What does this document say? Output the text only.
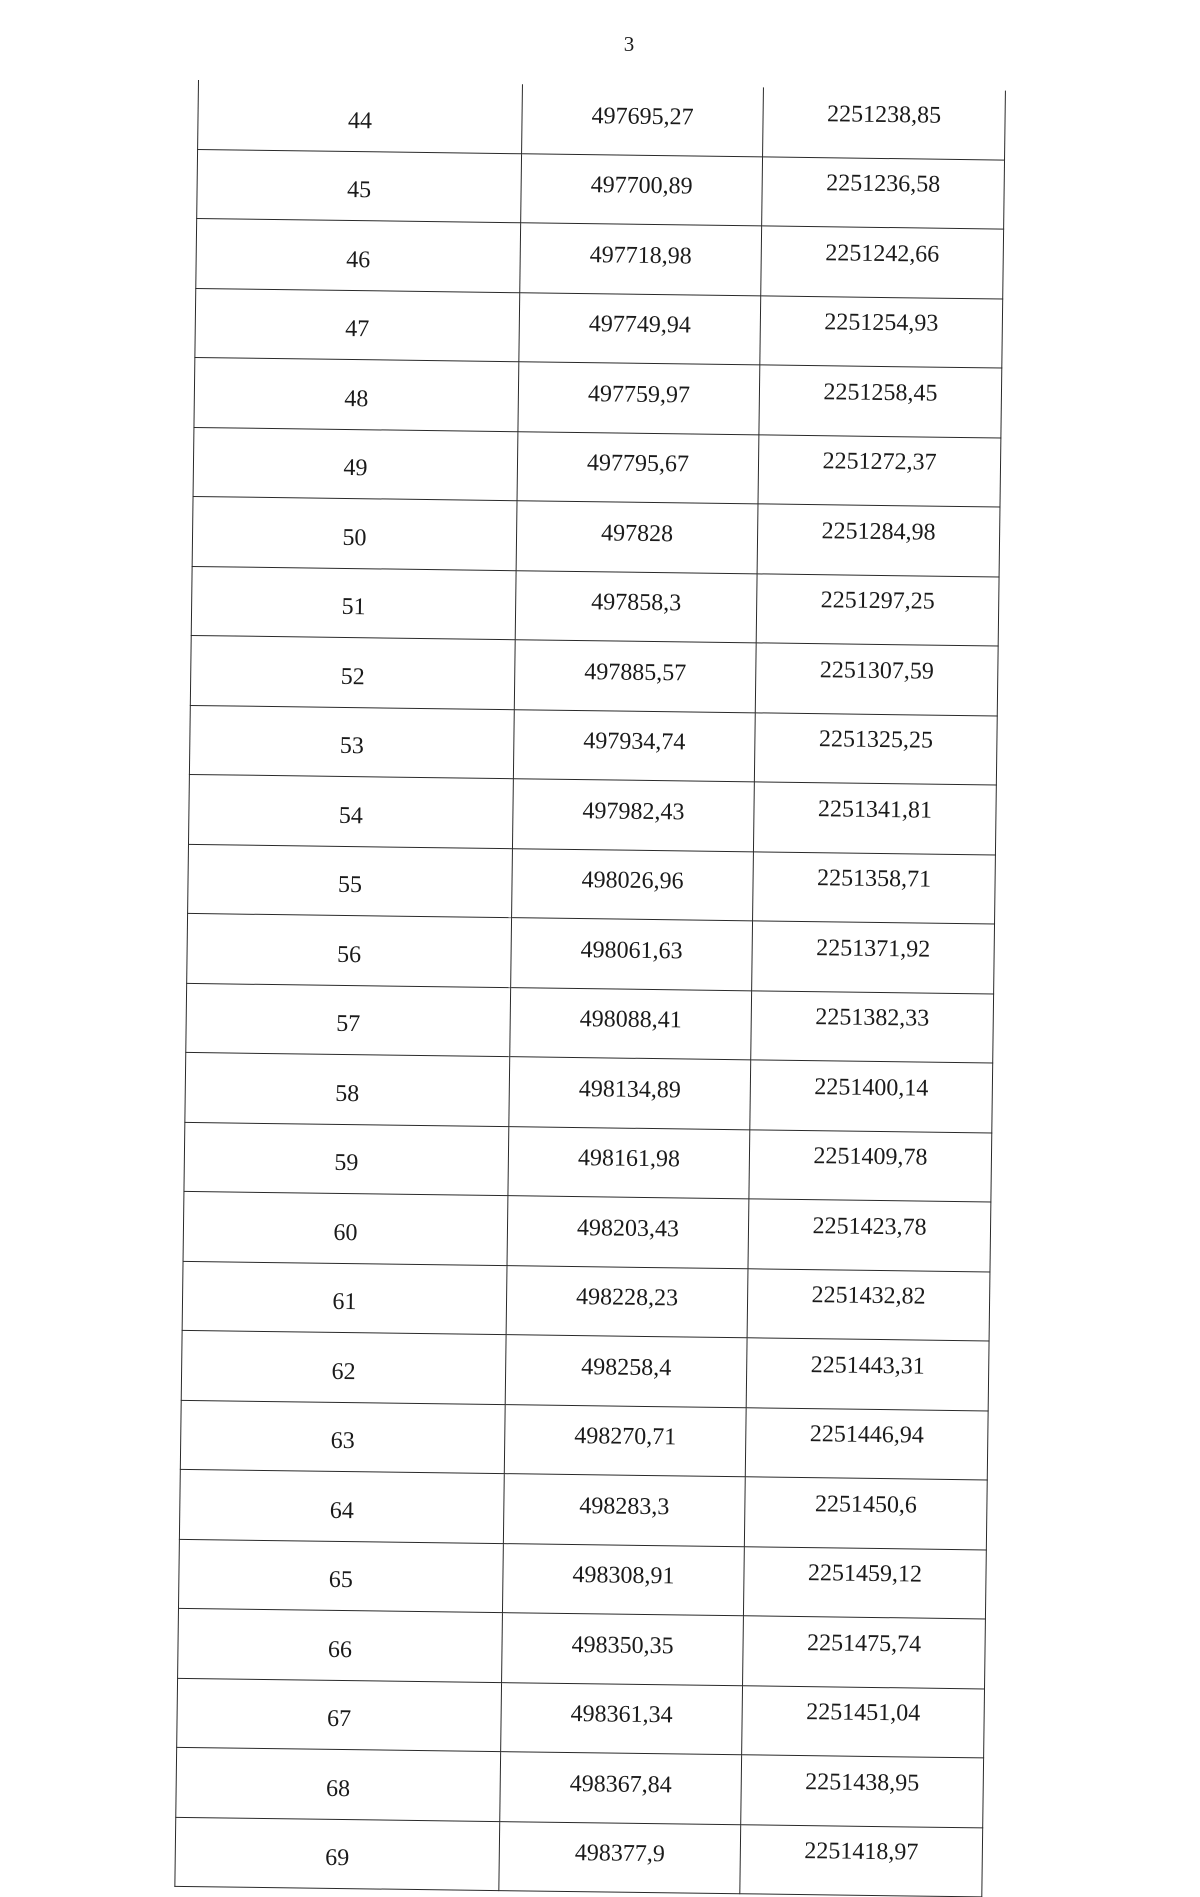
3
44	497695,27	2251238,85
45	497700,89	2251236,58
46	497718,98	2251242,66
47	497749,94	2251254,93
48	497759,97	2251258,45
49	497795,67	2251272,37
50	497828	2251284,98
51	497858,3	2251297,25
52	497885,57	2251307,59
53	497934,74	2251325,25
54	497982,43	2251341,81
55	498026,96	2251358,71
56	498061,63	2251371,92
57	498088,41	2251382,33
58	498134,89	2251400,14
59	498161,98	2251409,78
60	498203,43	2251423,78
61	498228,23	2251432,82
62	498258,4	2251443,31
63	498270,71	2251446,94
64	498283,3	2251450,6
65	498308,91	2251459,12
66	498350,35	2251475,74
67	498361,34	2251451,04
68	498367,84	2251438,95
69	498377,9	2251418,97
